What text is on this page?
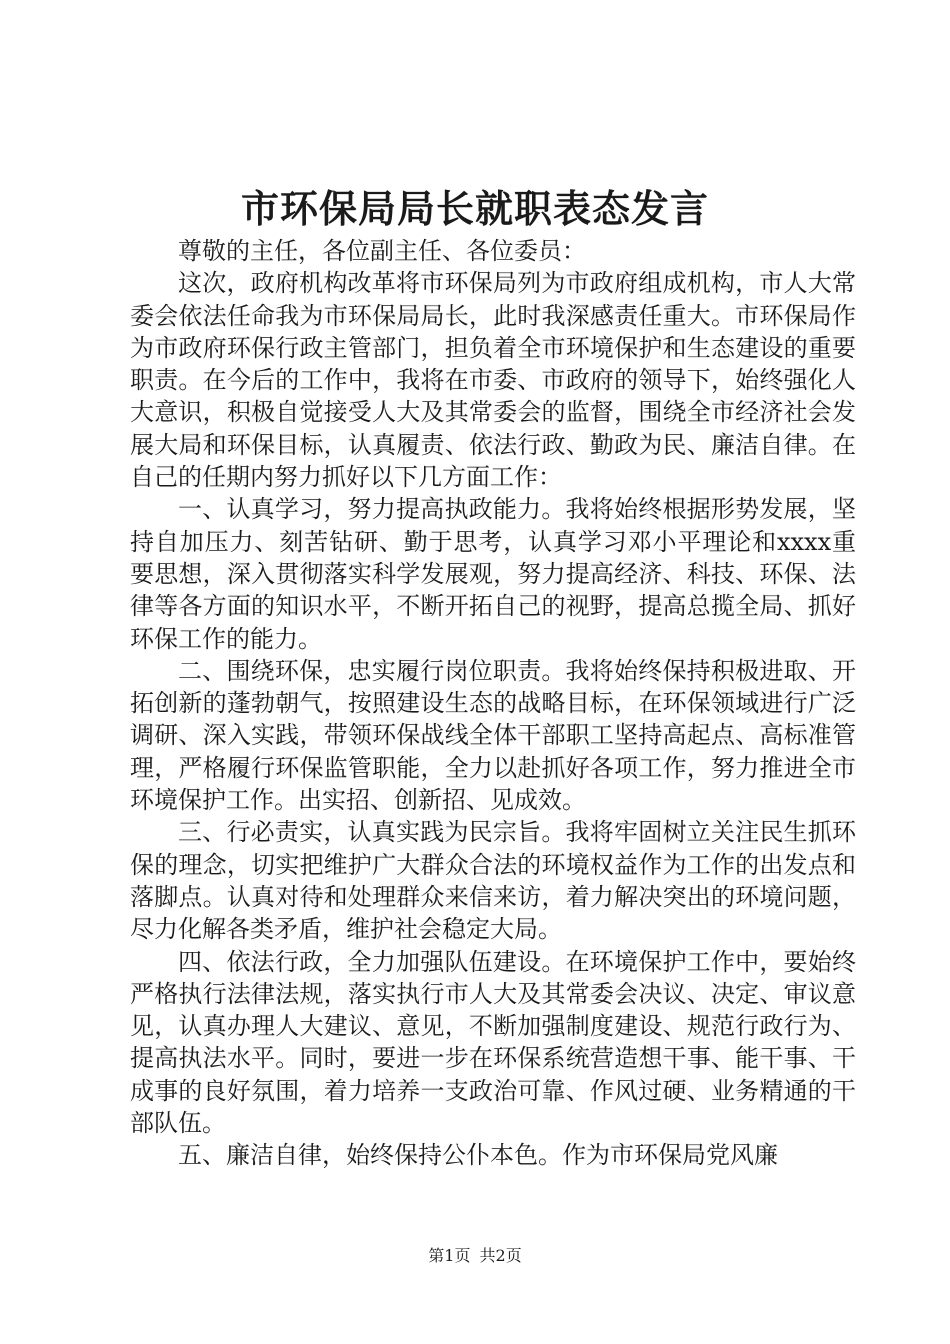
市环保局局长就职表态发言

尊敬的主任，各位副主任、各位委员：

这次，政府机构改革将市环保局列为市政府组成机构，市人大常委会依法任命我为市环保局局长，此时我深感责任重大。市环保局作为市政府环保行政主管部门，担负着全市环境保护和生态建设的重要职责。在今后的工作中，我将在市委、市政府的领导下，始终强化人大意识，积极自觉接受人大及其常委会的监督，围绕全市经济社会发展大局和环保目标，认真履责、依法行政、勤政为民、廉洁自律。在自己的任期内努力抓好以下几方面工作：

一、认真学习，努力提高执政能力。我将始终根据形势发展，坚持自加压力、刻苦钻研、勤于思考，认真学习邓小平理论和xxxx重要思想，深入贯彻落实科学发展观，努力提高经济、科技、环保、法律等各方面的知识水平，不断开拓自己的视野，提高总揽全局、抓好环保工作的能力。

二、围绕环保，忠实履行岗位职责。我将始终保持积极进取、开拓创新的蓬勃朝气，按照建设生态的战略目标，在环保领域进行广泛调研、深入实践，带领环保战线全体干部职工坚持高起点、高标准管理，严格履行环保监管职能，全力以赴抓好各项工作，努力推进全市环境保护工作。出实招、创新招、见成效。

三、行必责实，认真实践为民宗旨。我将牢固树立关注民生抓环保的理念，切实把维护广大群众合法的环境权益作为工作的出发点和落脚点。认真对待和处理群众来信来访，着力解决突出的环境问题，尽力化解各类矛盾，维护社会稳定大局。

四、依法行政，全力加强队伍建设。在环境保护工作中，要始终严格执行法律法规，落实执行市人大及其常委会决议、决定、审议意见，认真办理人大建议、意见，不断加强制度建设、规范行政行为、提高执法水平。同时，要进一步在环保系统营造想干事、能干事、干成事的良好氛围，着力培养一支政治可靠、作风过硬、业务精通的干部队伍。

五、廉洁自律，始终保持公仆本色。作为市环保局党风廉

第1页 共2页
